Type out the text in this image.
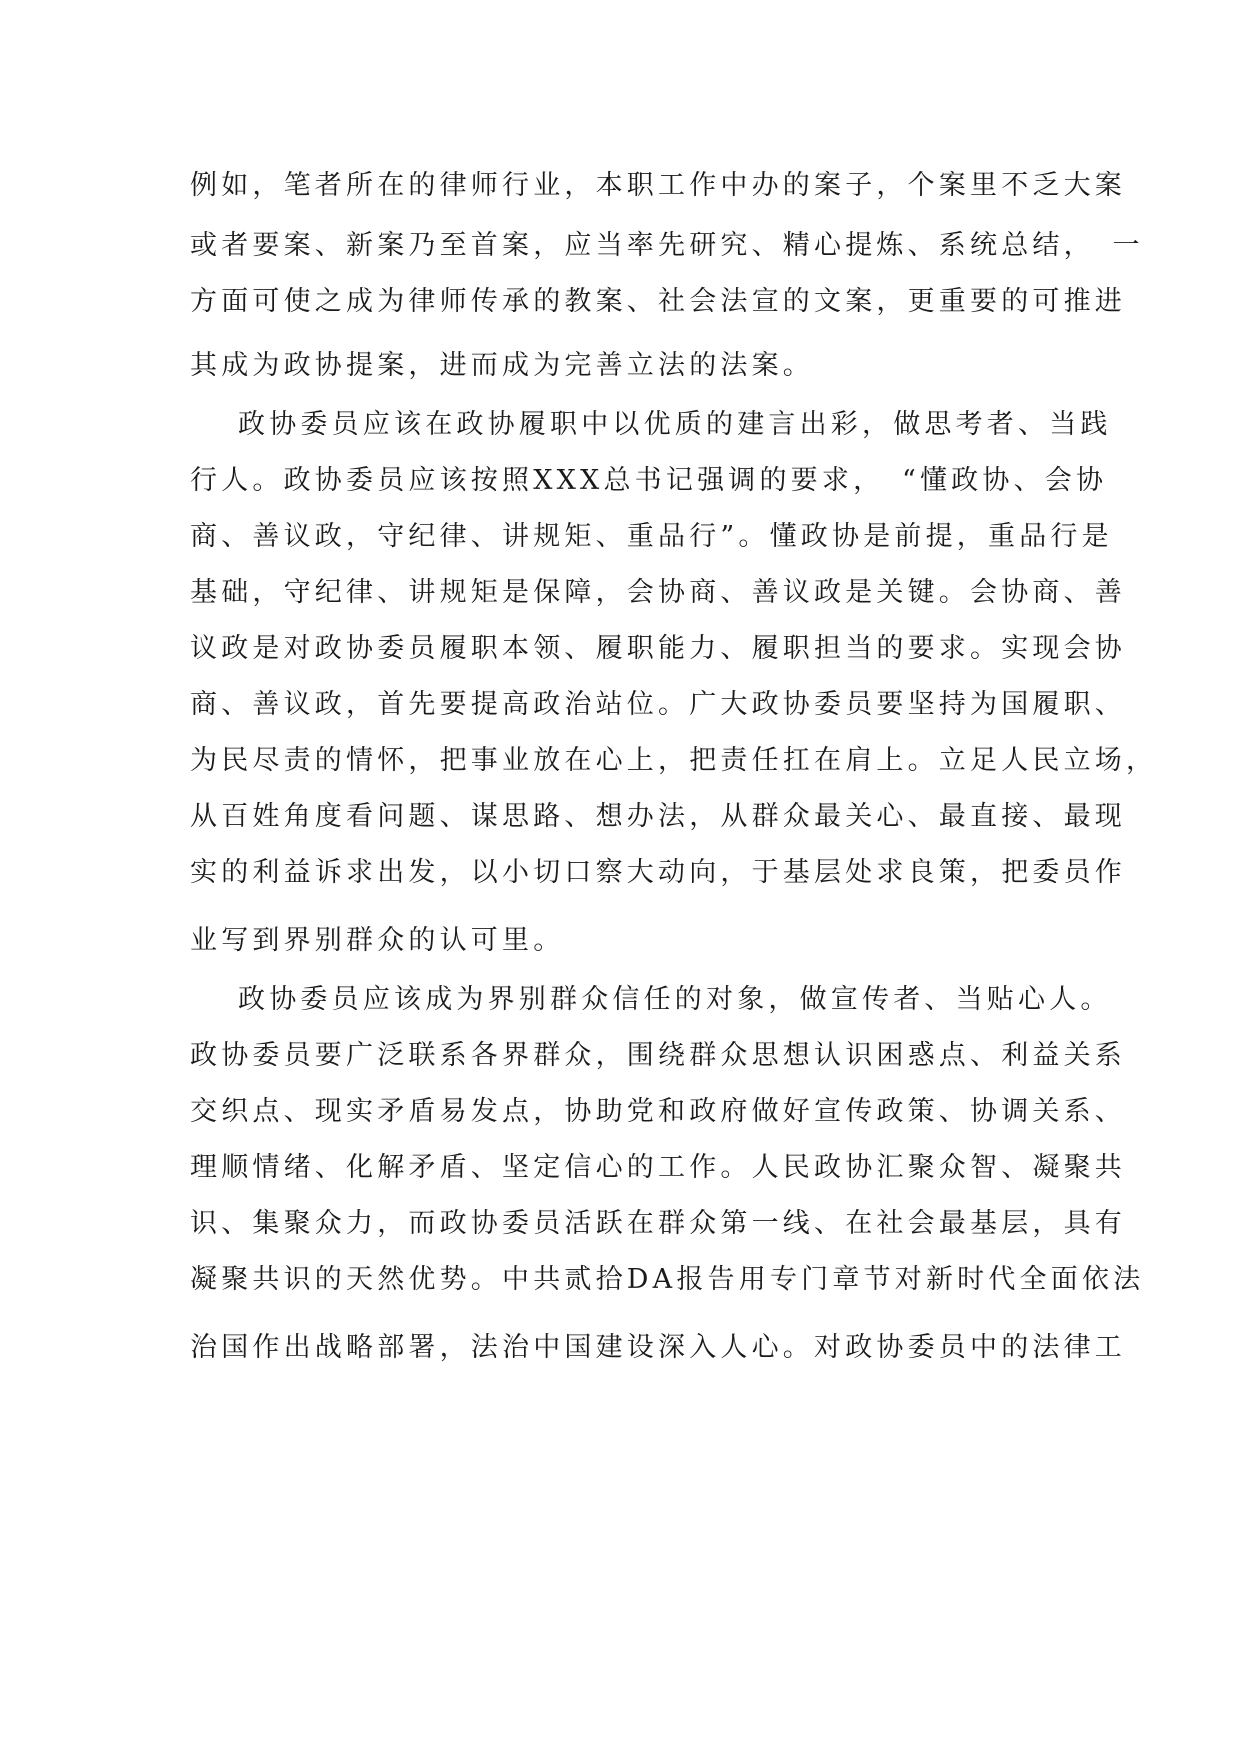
例如，笔者所在的律师行业，本职工作中办的案子，个案里不乏大案
或者要案、新案乃至首案，应当率先研究、精心提炼、系统总结，　一
方面可使之成为律师传承的教案、社会法宣的文案，更重要的可推进
其成为政协提案，进而成为完善立法的法案。
政协委员应该在政协履职中以优质的建言出彩，做思考者、当践
行人。政协委员应该按照XXX总书记强调的要求，　“懂政协、会协
商、善议政，守纪律、讲规矩、重品行”。懂政协是前提，重品行是
基础，守纪律、讲规矩是保障，会协商、善议政是关键。会协商、善
议政是对政协委员履职本领、履职能力、履职担当的要求。实现会协
商、善议政，首先要提高政治站位。广大政协委员要坚持为国履职、
为民尽责的情怀，把事业放在心上，把责任扛在肩上。立足人民立场，
从百姓角度看问题、谋思路、想办法，从群众最关心、最直接、最现
实的利益诉求出发，以小切口察大动向，于基层处求良策，把委员作
业写到界别群众的认可里。
政协委员应该成为界别群众信任的对象，做宣传者、当贴心人。
政协委员要广泛联系各界群众，围绕群众思想认识困惑点、利益关系
交织点、现实矛盾易发点，协助党和政府做好宣传政策、协调关系、
理顺情绪、化解矛盾、坚定信心的工作。人民政协汇聚众智、凝聚共
识、集聚众力，而政协委员活跃在群众第一线、在社会最基层，具有
凝聚共识的天然优势。中共贰拾DA报告用专门章节对新时代全面依法
治国作出战略部署，法治中国建设深入人心。对政协委员中的法律工
